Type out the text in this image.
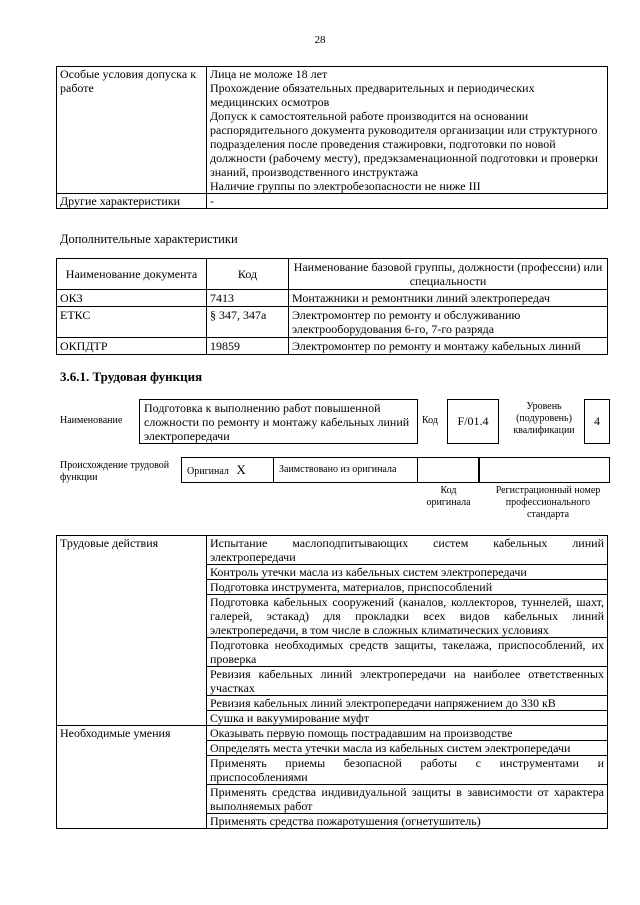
28
Особые условия допуска к работе	Лица не моложе 18 лет
Прохождение обязательных предварительных и периодических медицинских осмотров
Допуск к самостоятельной работе производится на основании распорядительного документа руководителя организации или структурного подразделения после проведения стажировки, подготовки по новой должности (рабочему месту), предэкзаменационной подготовки и проверки знаний, производственного инструктажа
Наличие группы по электробезопасности не ниже III

Другие характеристики	-
Дополнительные характеристики
Наименование документа	Код	Наименование базовой группы, должности (профессии) или специальности
ОКЗ	7413	Монтажники и ремонтники линий электропередач
ЕТКС	§ 347, 347а	Электромонтер по ремонту и обслуживанию электрооборудования 6-го, 7-го разряда
ОКПДТР	19859	Электромонтер по ремонту и монтажу кабельных линий
3.6.1. Трудовая функция
Наименование
Подготовка к выполнению работ повышенной сложности по ремонту и монтажу кабельных линий электропередачи
Код	F/01.4
Уровень (подуровень) квалификации
4
Происхождение трудовой функции
Оригинал X	Заимствовано из оригинала
Код оригинала
Регистрационный номер профессионального стандарта
Трудовые действия	Испытание маслоподпитывающих систем кабельных линий электропередачи
	Контроль утечки масла из кабельных систем электропередачи
	Подготовка инструмента, материалов, приспособлений
	Подготовка кабельных сооружений (каналов, коллекторов, туннелей, шахт, галерей, эстакад) для прокладки всех видов кабельных линий электропередачи, в том числе в сложных климатических условиях
	Подготовка необходимых средств защиты, такелажа, приспособлений, их проверка
	Ревизия кабельных линий электропередачи на наиболее ответственных участках
	Ревизия кабельных линий электропередачи напряжением до 330 кВ
	Сушка и вакуумирование муфт
Необходимые умения	Оказывать первую помощь пострадавшим на производстве
	Определять места утечки масла из кабельных систем электропередачи
	Применять приемы безопасной работы с инструментами и приспособлениями
	Применять средства индивидуальной защиты в зависимости от характера выполняемых работ
	Применять средства пожаротушения (огнетушитель)
